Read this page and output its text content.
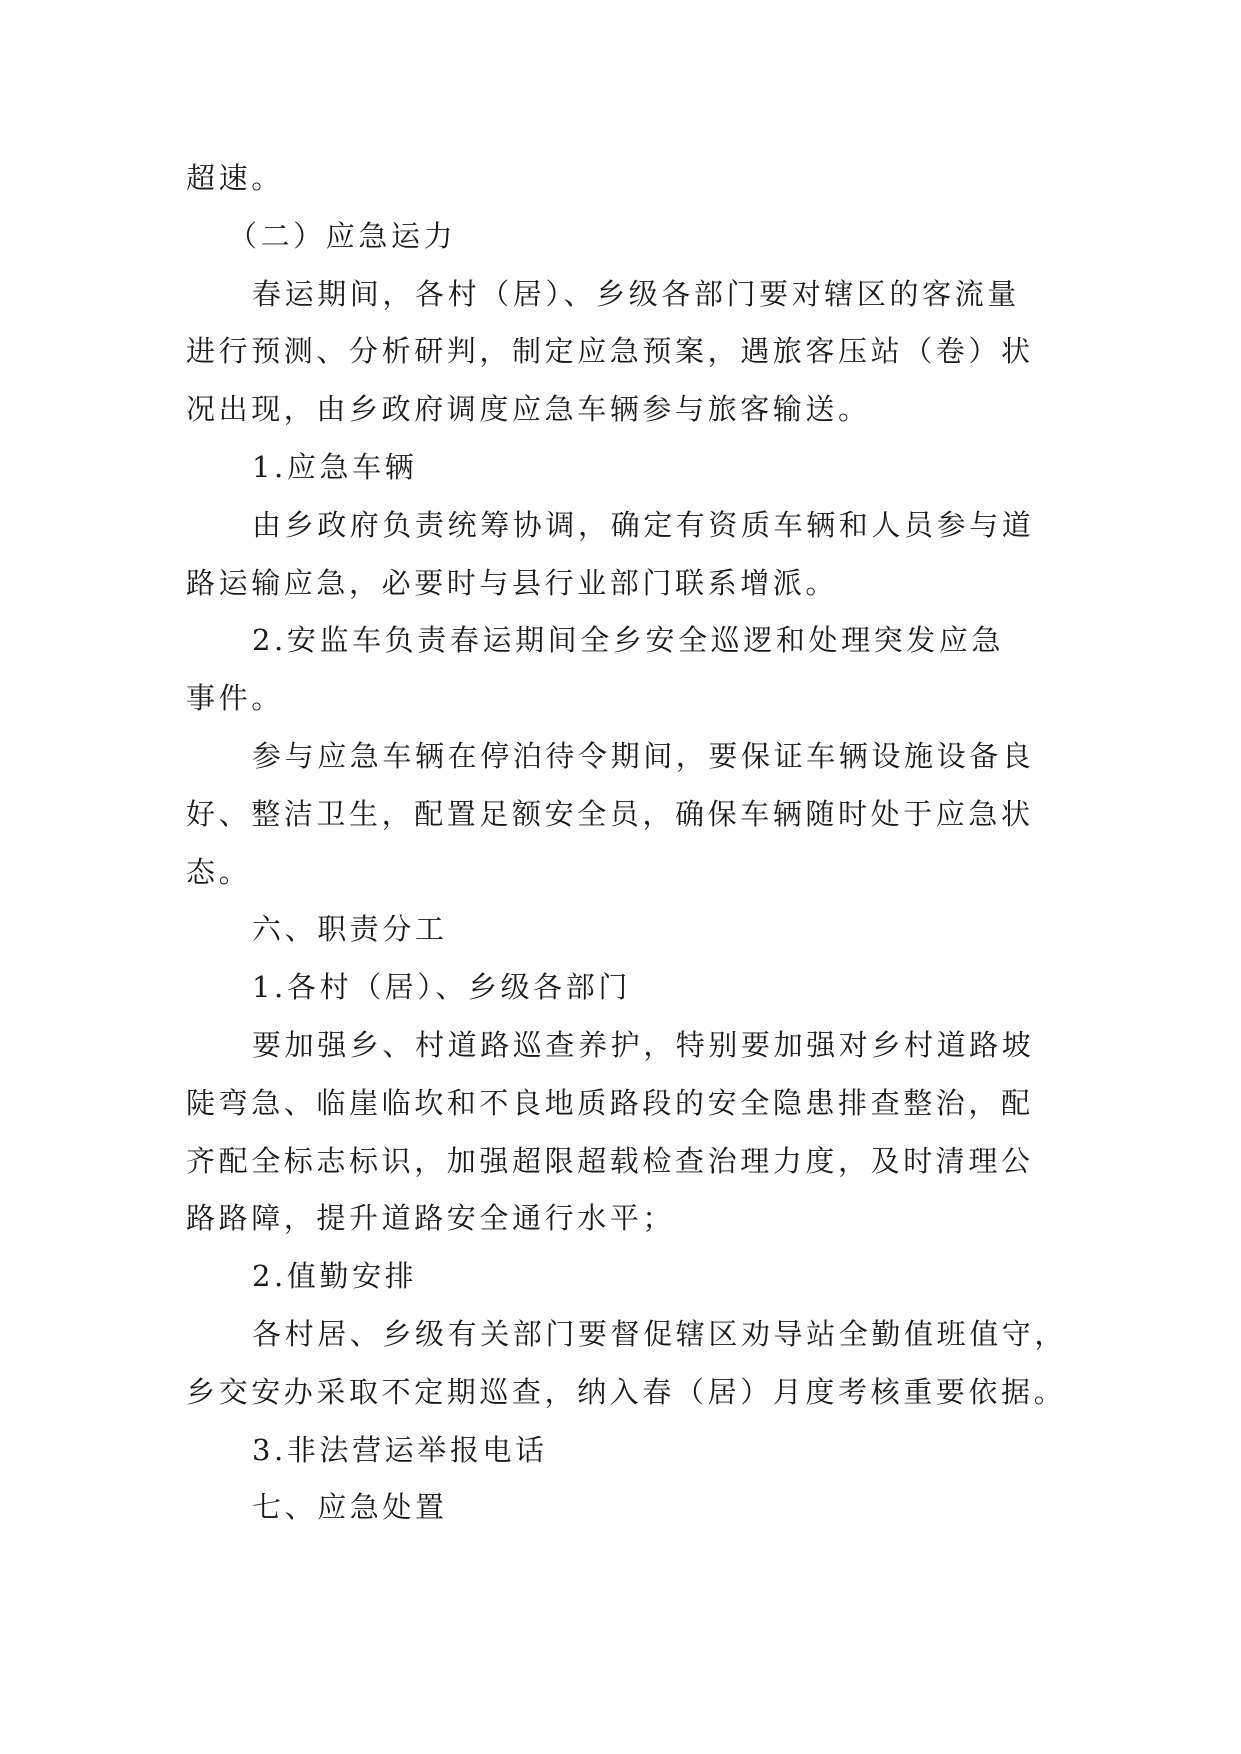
超速。
（二）应急运力
春运期间，各村（居）、乡级各部门要对辖区的客流量
进行预测、分析研判，制定应急预案，遇旅客压站（卷）状
况出现，由乡政府调度应急车辆参与旅客输送。
1.应急车辆
由乡政府负责统筹协调，确定有资质车辆和人员参与道
路运输应急，必要时与县行业部门联系增派。
2.安监车负责春运期间全乡安全巡逻和处理突发应急
事件。
参与应急车辆在停泊待令期间，要保证车辆设施设备良
好、整洁卫生，配置足额安全员，确保车辆随时处于应急状
态。
六、职责分工
1.各村（居）、乡级各部门
要加强乡、村道路巡查养护，特别要加强对乡村道路坡
陡弯急、临崖临坎和不良地质路段的安全隐患排查整治，配
齐配全标志标识，加强超限超载检查治理力度，及时清理公
路路障，提升道路安全通行水平；
2.值勤安排
各村居、乡级有关部门要督促辖区劝导站全勤值班值守，
乡交安办采取不定期巡查，纳入春（居）月度考核重要依据。
3.非法营运举报电话
七、应急处置
